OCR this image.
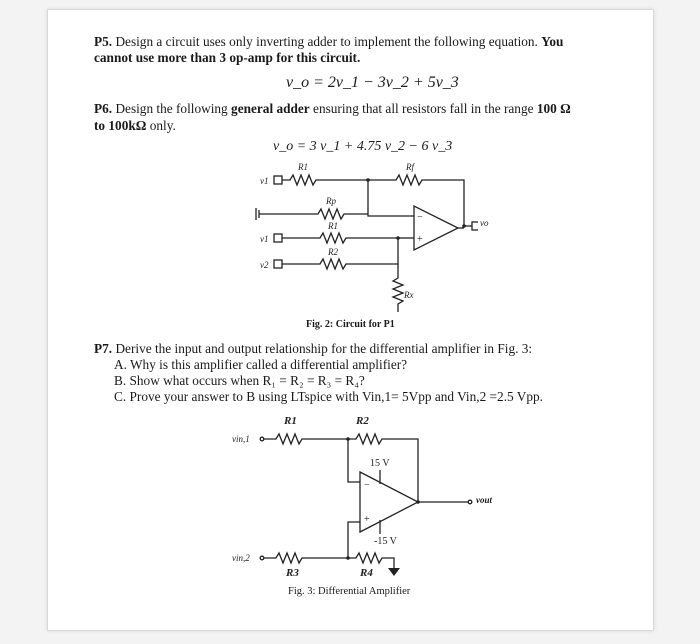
P5. Design a circuit uses only inverting adder to implement the following equation. You
cannot use more than 3 op-amp for this circuit.
v_o = 2v_1 − 3v_2 + 5v_3
P6. Design the following general adder ensuring that all resistors fall in the range 100 Ω
to 100kΩ only.
v_o = 3 v_1 + 4.75 v_2 − 6 v_3
v1
v1
v2
R1	Rf
Rp
R1
R2
Rx
−
+
vo
Fig. 2: Circuit for P1
P7. Derive the input and output relationship for the differential amplifier in Fig. 3:
A. Why is this amplifier called a differential amplifier?
B. Show what occurs when R₁ = R₂ = R₃ = R₄?
C. Prove your answer to B using LTspice with Vin,1= 5Vpp and Vin,2 =2.5 Vpp.
R1	R2
vin,1
15 V
−
+
-15 V
vin,2
R3	R4
vout
Fig. 3: Differential Amplifier
